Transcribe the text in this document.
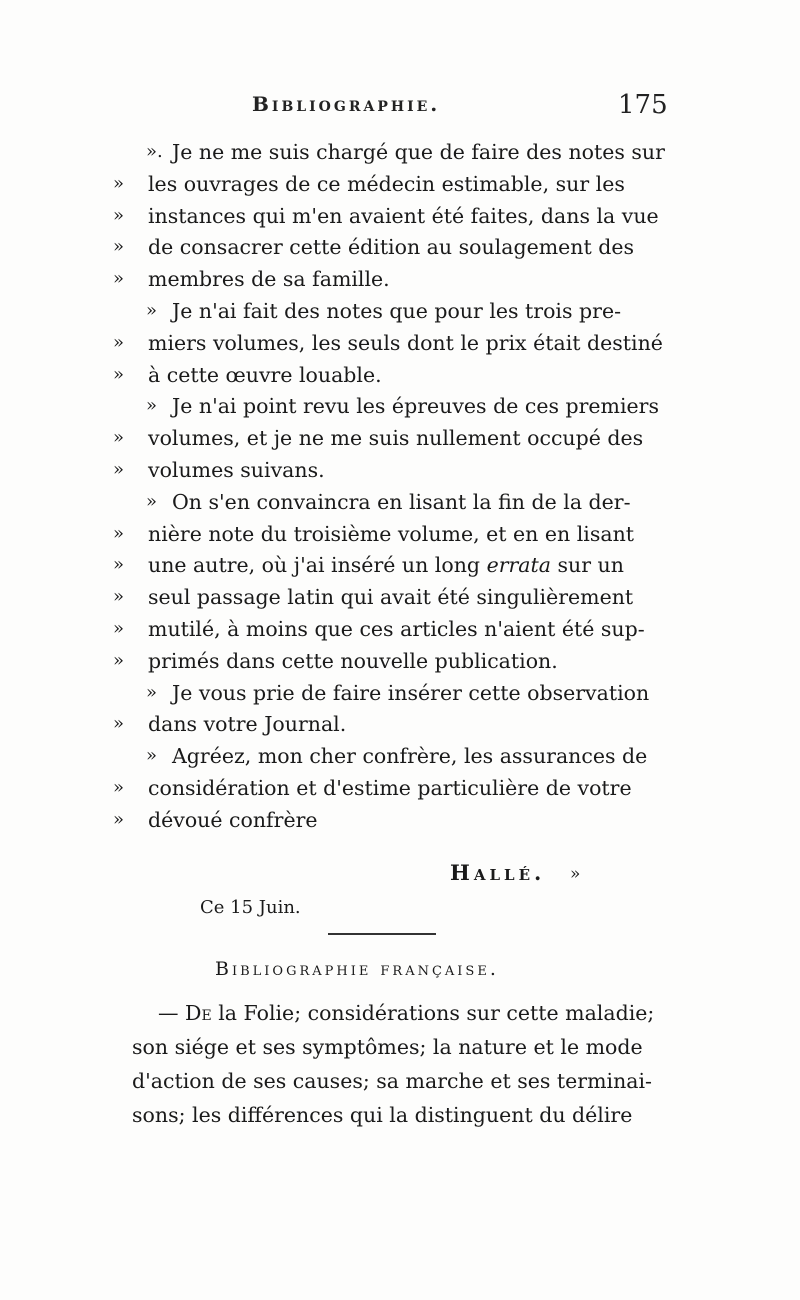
Bibliographie.	175
». Je ne me suis chargé que de faire des notes sur
» les ouvrages de ce médecin estimable, sur les
» instances qui m'en avaient été faites, dans la vue
» de consacrer cette édition au soulagement des
» membres de sa famille.
» Je n'ai fait des notes que pour les trois pre-
» miers volumes, les seuls dont le prix était destiné
» à cette œuvre louable.
» Je n'ai point revu les épreuves de ces premiers
» volumes, et je ne me suis nullement occupé des
» volumes suivans.
» On s'en convaincra en lisant la fin de la der-
» nière note du troisième volume, et en en lisant
» une autre, où j'ai inséré un long errata sur un
» seul passage latin qui avait été singulièrement
» mutilé, à moins que ces articles n'aient été sup-
» primés dans cette nouvelle publication.
» Je vous prie de faire insérer cette observation
» dans votre Journal.
» Agréez, mon cher confrère, les assurances de
» considération et d'estime particulière de votre
» dévoué confrère
Hallé. »
Ce 15 Juin.
Bibliographie française.
— De la Folie; considérations sur cette maladie;
son siége et ses symptômes; la nature et le mode
d'action de ses causes; sa marche et ses terminai-
sons; les différences qui la distinguent du délire
